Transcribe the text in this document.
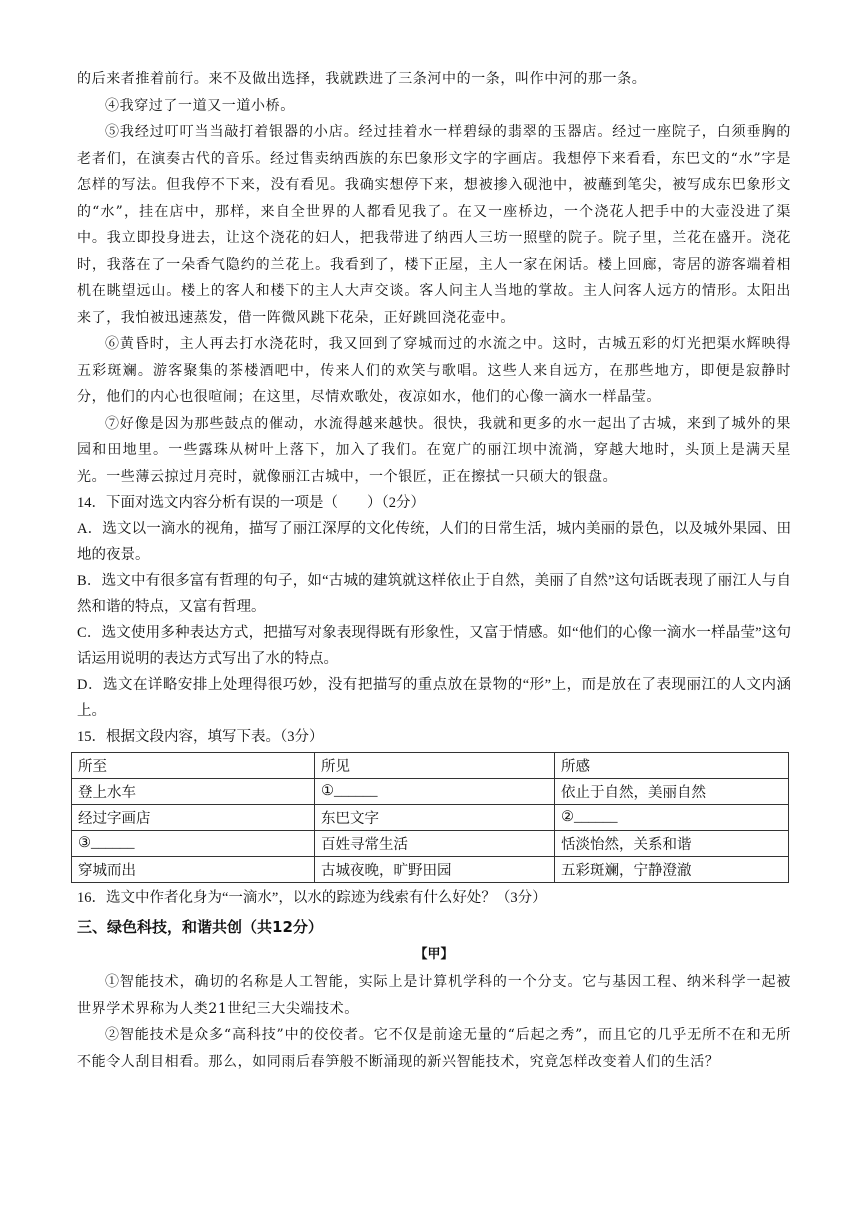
的后来者推着前行。来不及做出选择，我就跌进了三条河中的一条，叫作中河的那一条。

④我穿过了一道又一道小桥。

⑤我经过叮叮当当敲打着银器的小店。经过挂着水一样碧绿的翡翠的玉器店。经过一座院子，白须垂胸的老者们，在演奏古代的音乐。经过售卖纳西族的东巴象形文字的字画店。我想停下来看看，东巴文的“水”字是怎样的写法。但我停不下来，没有看见。我确实想停下来，想被掺入砚池中，被蘸到笔尖，被写成东巴象形文的“水”，挂在店中，那样，来自全世界的人都看见我了。在又一座桥边，一个浇花人把手中的大壶没进了渠中。我立即投身进去，让这个浇花的妇人，把我带进了纳西人三坊一照壁的院子。院子里，兰花在盛开。浇花时，我落在了一朵香气隐约的兰花上。我看到了，楼下正屋，主人一家在闲话。楼上回廊，寄居的游客端着相机在眺望远山。楼上的客人和楼下的主人大声交谈。客人问主人当地的掌故。主人问客人远方的情形。太阳出来了，我怕被迅速蒸发，借一阵微风跳下花朵，正好跳回浇花壶中。

⑥黄昏时，主人再去打水浇花时，我又回到了穿城而过的水流之中。这时，古城五彩的灯光把渠水辉映得五彩斑斓。游客聚集的茶楼酒吧中，传来人们的欢笑与歌唱。这些人来自远方，在那些地方，即便是寂静时分，他们的内心也很喧闹；在这里，尽情欢歌处，夜凉如水，他们的心像一滴水一样晶莹。

⑦好像是因为那些鼓点的催动，水流得越来越快。很快，我就和更多的水一起出了古城，来到了城外的果园和田地里。一些露珠从树叶上落下，加入了我们。在宽广的丽江坝中流淌，穿越大地时，头顶上是满天星光。一些薄云掠过月亮时，就像丽江古城中，一个银匠，正在擦拭一只硕大的银盘。

14．下面对选文内容分析有误的一项是（　　）（2分）

A．选文以一滴水的视角，描写了丽江深厚的文化传统，人们的日常生活，城内美丽的景色，以及城外果园、田地的夜景。

B．选文中有很多富有哲理的句子，如“古城的建筑就这样依止于自然，美丽了自然”这句话既表现了丽江人与自然和谐的特点，又富有哲理。

C．选文使用多种表达方式，把描写对象表现得既有形象性，又富于情感。如“他们的心像一滴水一样晶莹”这句话运用说明的表达方式写出了水的特点。

D．选文在详略安排上处理得很巧妙，没有把描写的重点放在景物的“形”上，而是放在了表现丽江的人文内涵上。

15．根据文段内容，填写下表。（3分）

所至	所见	所感
登上水车	①______	依止于自然，美丽自然
经过字画店	东巴文字	②______
③______	百姓寻常生活	恬淡怡然，关系和谐
穿城而出	古城夜晚，旷野田园	五彩斑斓，宁静澄澈

16．选文中作者化身为“一滴水”，以水的踪迹为线索有什么好处？（3分）

三、绿色科技，和谐共创（共12分）

【甲】

①智能技术，确切的名称是人工智能，实际上是计算机学科的一个分支。它与基因工程、纳米科学一起被世界学术界称为人类21世纪三大尖端技术。

②智能技术是众多“高科技”中的佼佼者。它不仅是前途无量的“后起之秀”，而且它的几乎无所不在和无所不能令人刮目相看。那么，如同雨后春笋般不断涌现的新兴智能技术，究竟怎样改变着人们的生活？
